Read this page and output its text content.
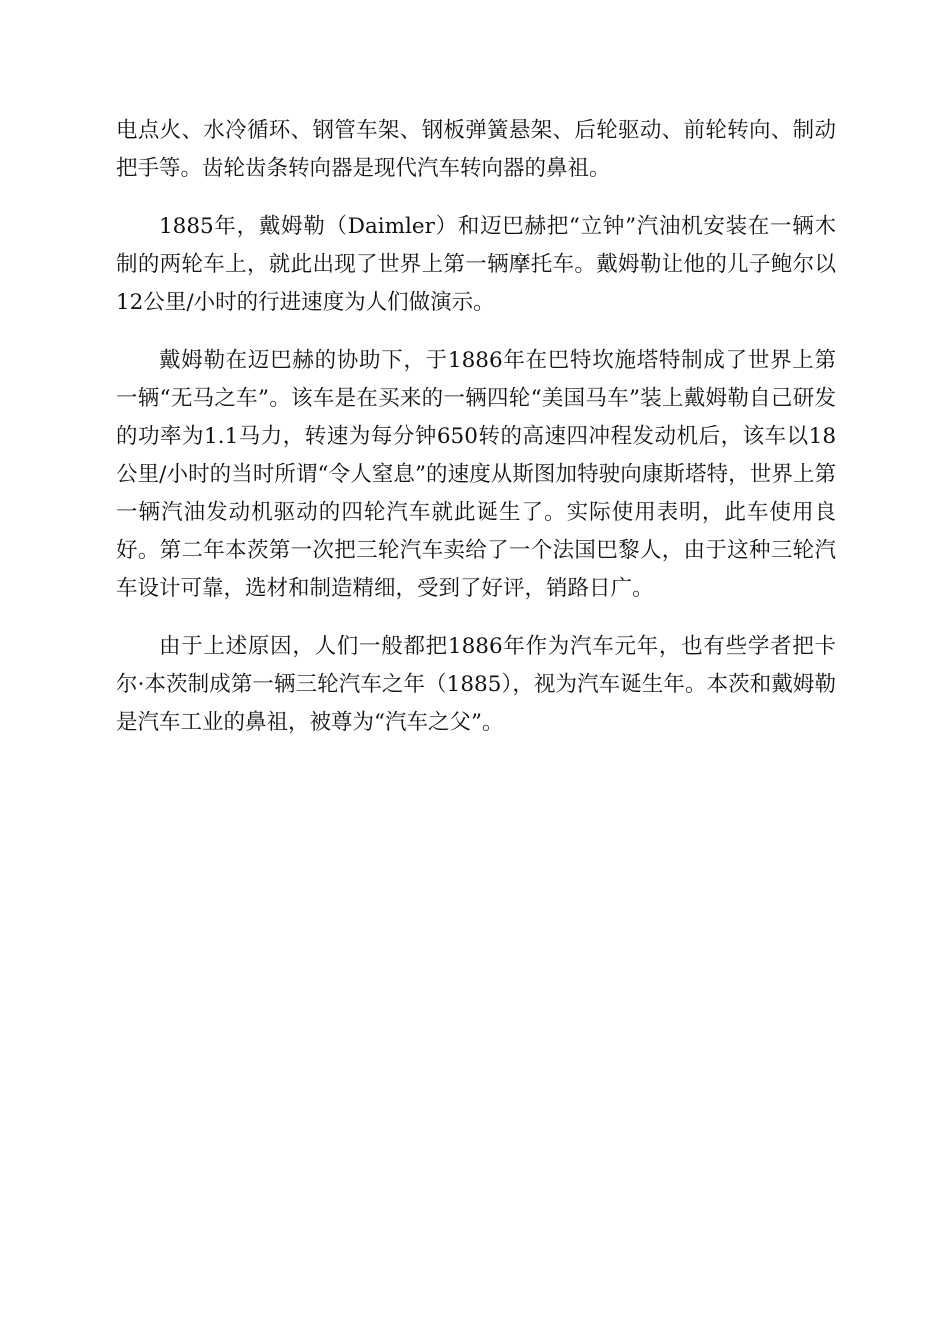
电点火、水冷循环、钢管车架、钢板弹簧悬架、后轮驱动、前轮转向、制动把手等。齿轮齿条转向器是现代汽车转向器的鼻祖。

1885年，戴姆勒（Daimler）和迈巴赫把“立钟”汽油机安装在一辆木制的两轮车上，就此出现了世界上第一辆摩托车。戴姆勒让他的儿子鲍尔以12公里/小时的行进速度为人们做演示。

戴姆勒在迈巴赫的协助下，于1886年在巴特坎施塔特制成了世界上第一辆“无马之车”。该车是在买来的一辆四轮“美国马车”装上戴姆勒自己研发的功率为1.1马力，转速为每分钟650转的高速四冲程发动机后，该车以18公里/小时的当时所谓“令人窒息”的速度从斯图加特驶向康斯塔特，世界上第一辆汽油发动机驱动的四轮汽车就此诞生了。实际使用表明，此车使用良好。第二年本茨第一次把三轮汽车卖给了一个法国巴黎人，由于这种三轮汽车设计可靠，选材和制造精细，受到了好评，销路日广。

由于上述原因，人们一般都把1886年作为汽车元年，也有些学者把卡尔·本茨制成第一辆三轮汽车之年（1885），视为汽车诞生年。本茨和戴姆勒是汽车工业的鼻祖，被尊为“汽车之父”。
